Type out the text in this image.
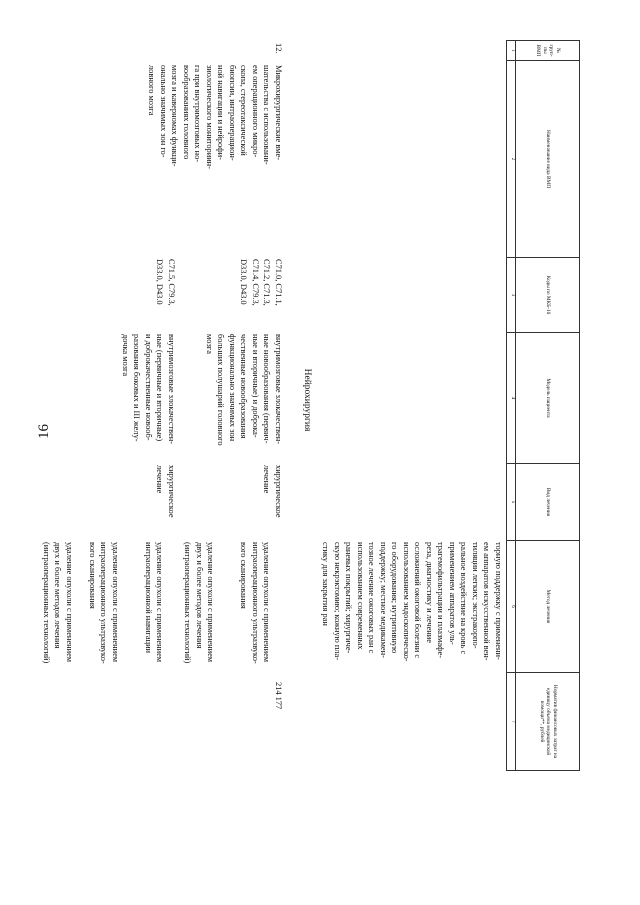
16
№ груп-пы ВМП
Наименование вида ВМП
Коды по МКБ-10
Модель пациента
Вид лечения
Метод лечения
Норматив финансовых затрат на единицу объема медицинской помощи**, рублей
1
2
3
4
5
6
7
торную поддержку с применени-
ем аппаратов искусственной вен-
тиляции легких; экстракорпо-
ральное воздействие на кровь с
применением аппаратов уль-
трагемофильтрации и плазмафе-
реза, диагностику и лечение
осложнений ожоговой болезни с
использованием эндоскопическо-
го оборудования; нутритивную
поддержку; местное медикамен-
тозное лечение ожоговых ран с
использованием современных
раневых покрытий; хирургиче-
скую некрэктомию; кожную пла-
стику для закрытия ран
Нейрохирургия
12.
Микрохирургические вме-
шательства с использовани-
ем операционного микро-
скопа, стереотаксической
биопсии, интраоперацион-
ной навигации и нейрофи-
зиологического мониториин-
га при внутримозговых но-
вообразованиях головного
мозга и каверномах функци-
онально значимых зон го-
ловного мозга
214 177
C71.0, C71.1,
C71.2, C71.3,
C71.4, C79.3,
D33.0, D43.0
внутримозговые злокачествен-
ные новообразования (первич-
ные и вторичные) и доброка-
чественные новообразования
функционально значимых зон
больших полушарий головного
мозга
хирургическое
лечение

удаление опухоли с применением
интраоперационного ультразвуко-
вого сканирования

удаление опухоли с применением
двух и более методов лечения
(интраоперационных технологий)

C71.5, C79.3,
D33.0, D43.0
внутримозговые злокачествен-
ные (первичные и вторичные)
и доброкачественные новооб-
разования боковых и III желу-
дочка мозга
хирургическое
лечение

удаление опухоли с применением
интраоперационной навигации

удаление опухоли с применением
интраоперационного ультразвуко-
вого сканирования

удаление опухоли с применением
двух и более методов лечения
(интраоперационных технологий)
